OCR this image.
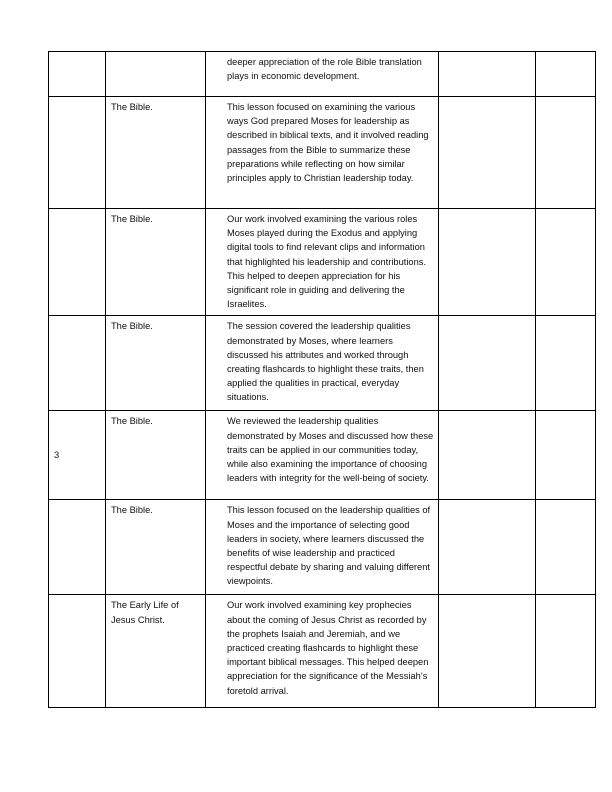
		deeper appreciation of the role Bible translation plays in economic development.		
	The Bible.	This lesson focused on examining the various ways God prepared Moses for leadership as described in biblical texts, and it involved reading passages from the Bible to summarize these preparations while reflecting on how similar principles apply to Christian leadership today.		
	The Bible.	Our work involved examining the various roles Moses played during the Exodus and applying digital tools to find relevant clips and information that highlighted his leadership and contributions. This helped to deepen appreciation for his significant role in guiding and delivering the Israelites.		
	The Bible.	The session covered the leadership qualities demonstrated by Moses, where learners discussed his attributes and worked through creating flashcards to highlight these traits, then applied the qualities in practical, everyday situations.		
3	The Bible.	We reviewed the leadership qualities demonstrated by Moses and discussed how these traits can be applied in our communities today, while also examining the importance of choosing leaders with integrity for the well-being of society.		
	The Bible.	This lesson focused on the leadership qualities of Moses and the importance of selecting good leaders in society, where learners discussed the benefits of wise leadership and practiced respectful debate by sharing and valuing different viewpoints.		
	The Early Life of Jesus Christ.	Our work involved examining key prophecies about the coming of Jesus Christ as recorded by the prophets Isaiah and Jeremiah, and we practiced creating flashcards to highlight these important biblical messages. This helped deepen appreciation for the significance of the Messiah’s foretold arrival.		
